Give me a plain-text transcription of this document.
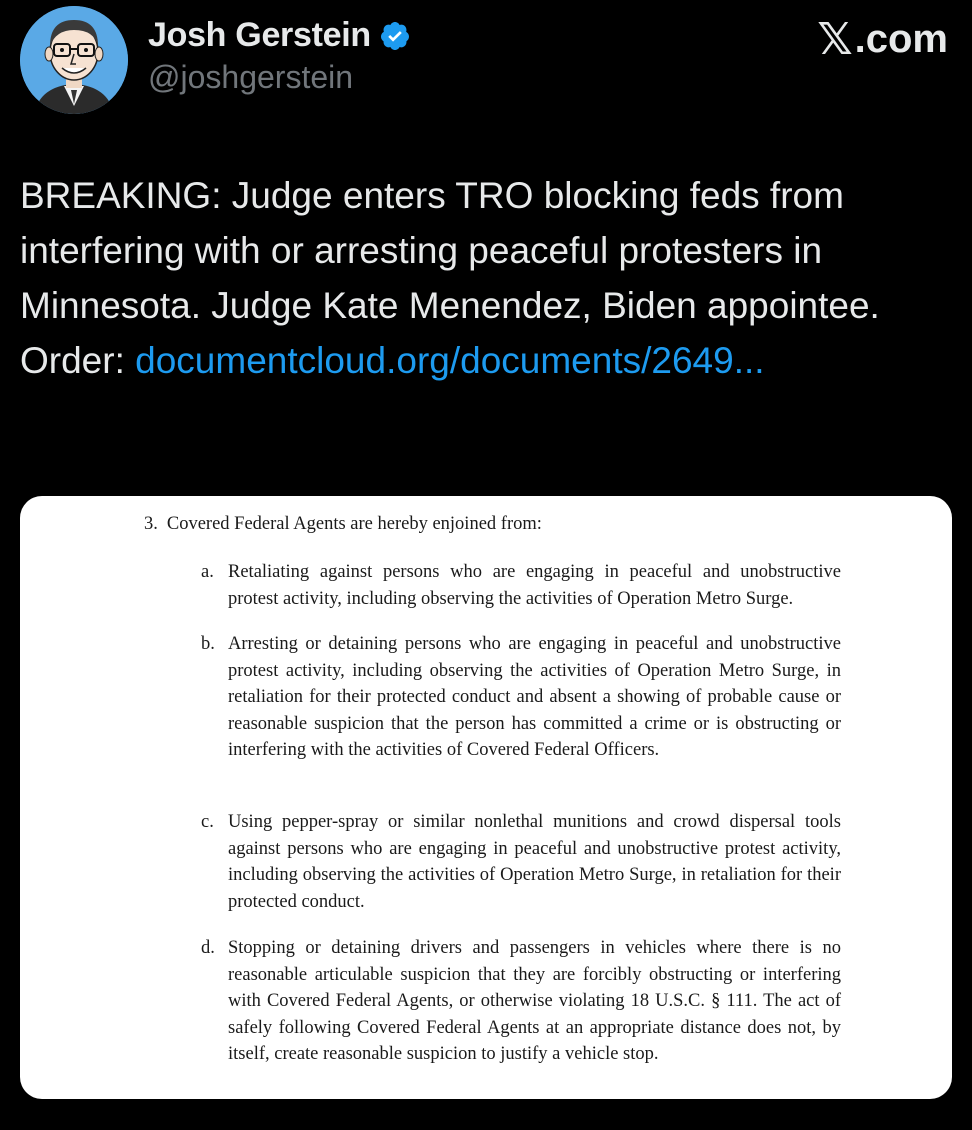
Josh Gerstein
@joshgerstein
𝕏 .com
BREAKING: Judge enters TRO blocking feds from interfering with or arresting peaceful protesters in Minnesota. Judge Kate Menendez, Biden appointee. Order: documentcloud.org/documents/2649...
3. Covered Federal Agents are hereby enjoined from:
a. Retaliating against persons who are engaging in peaceful and unobstructive protest activity, including observing the activities of Operation Metro Surge.
b. Arresting or detaining persons who are engaging in peaceful and unobstructive protest activity, including observing the activities of Operation Metro Surge, in retaliation for their protected conduct and absent a showing of probable cause or reasonable suspicion that the person has committed a crime or is obstructing or interfering with the activities of Covered Federal Officers.
c. Using pepper-spray or similar nonlethal munitions and crowd dispersal tools against persons who are engaging in peaceful and unobstructive protest activity, including observing the activities of Operation Metro Surge, in retaliation for their protected conduct.
d. Stopping or detaining drivers and passengers in vehicles where there is no reasonable articulable suspicion that they are forcibly obstructing or interfering with Covered Federal Agents, or otherwise violating 18 U.S.C. § 111. The act of safely following Covered Federal Agents at an appropriate distance does not, by itself, create reasonable suspicion to justify a vehicle stop.
